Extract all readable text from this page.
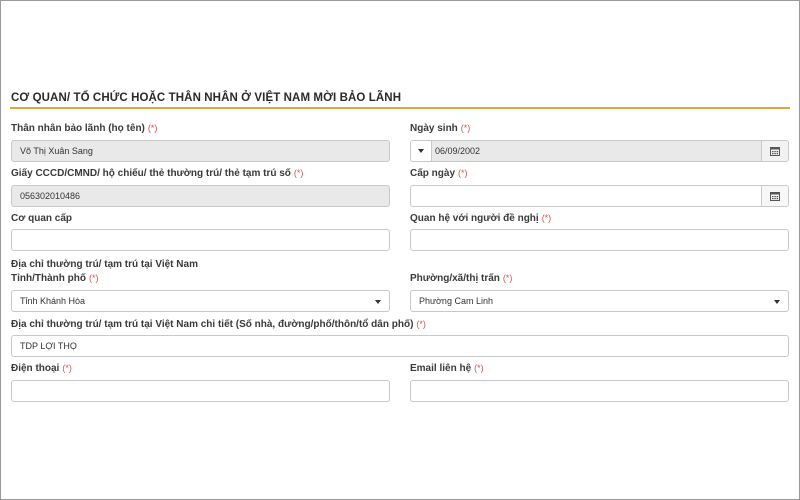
CƠ QUAN/ TỔ CHỨC HOẶC THÂN NHÂN Ở VIỆT NAM MỜI BẢO LÃNH
Thân nhân bảo lãnh (họ tên) (*)
Võ Thị Xuân Sang
Ngày sinh (*)
06/09/2002
Giấy CCCD/CMND/ hộ chiếu/ thẻ thường trú/ thẻ tạm trú số (*)
056302010486
Cấp ngày (*)
Cơ quan cấp	Quan hệ với người đề nghị (*)
Địa chỉ thường trú/ tạm trú tại Việt Nam
Tỉnh/Thành phố (*)
Tỉnh Khánh Hòa
Phường/xã/thị trấn (*)
Phường Cam Linh
Địa chỉ thường trú/ tạm trú tại Việt Nam chi tiết (Số nhà, đường/phố/thôn/tổ dân phố) (*)
TDP LỢI THỌ
Điện thoại (*)	Email liên hệ (*)
